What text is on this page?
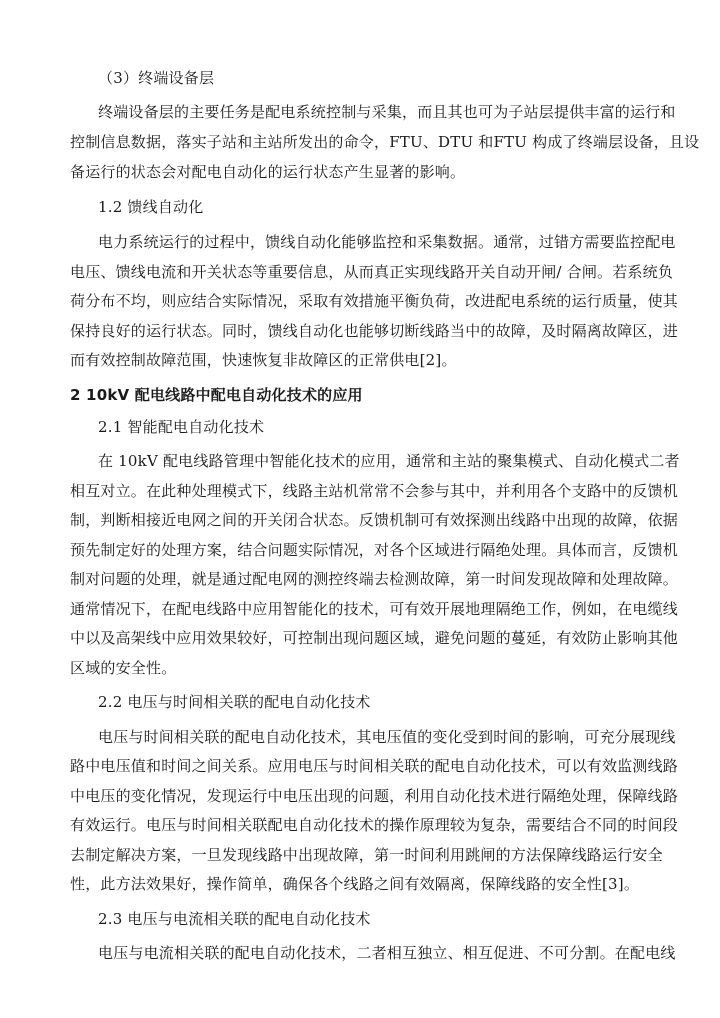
（3）终端设备层
终端设备层的主要任务是配电系统控制与采集，而且其也可为子站层提供丰富的运行和
控制信息数据，落实子站和主站所发出的命令，FTU、DTU 和FTU 构成了终端层设备，且设
备运行的状态会对配电自动化的运行状态产生显著的影响。
1.2 馈线自动化
电力系统运行的过程中，馈线自动化能够监控和采集数据。通常，过错方需要监控配电
电压、馈线电流和开关状态等重要信息，从而真正实现线路开关自动开闸/ 合闸。若系统负
荷分布不均，则应结合实际情况，采取有效措施平衡负荷，改进配电系统的运行质量，使其
保持良好的运行状态。同时，馈线自动化也能够切断线路当中的故障，及时隔离故障区，进
而有效控制故障范围，快速恢复非故障区的正常供电[2]。
2 10kV 配电线路中配电自动化技术的应用
2.1 智能配电自动化技术
在 10kV 配电线路管理中智能化技术的应用，通常和主站的聚集模式、自动化模式二者
相互对立。在此种处理模式下，线路主站机常常不会参与其中，并利用各个支路中的反馈机
制，判断相接近电网之间的开关闭合状态。反馈机制可有效探测出线路中出现的故障，依据
预先制定好的处理方案，结合问题实际情况，对各个区域进行隔绝处理。具体而言，反馈机
制对问题的处理，就是通过配电网的测控终端去检测故障，第一时间发现故障和处理故障。
通常情况下，在配电线路中应用智能化的技术，可有效开展地理隔绝工作，例如，在电缆线
中以及高架线中应用效果较好，可控制出现问题区域，避免问题的蔓延，有效防止影响其他
区域的安全性。
2.2 电压与时间相关联的配电自动化技术
电压与时间相关联的配电自动化技术，其电压值的变化受到时间的影响，可充分展现线
路中电压值和时间之间关系。应用电压与时间相关联的配电自动化技术，可以有效监测线路
中电压的变化情况，发现运行中电压出现的问题，利用自动化技术进行隔绝处理，保障线路
有效运行。电压与时间相关联配电自动化技术的操作原理较为复杂，需要结合不同的时间段
去制定解决方案，一旦发现线路中出现故障，第一时间利用跳闸的方法保障线路运行安全
性，此方法效果好，操作简单，确保各个线路之间有效隔离，保障线路的安全性[3]。
2.3 电压与电流相关联的配电自动化技术
电压与电流相关联的配电自动化技术，二者相互独立、相互促进、不可分割。在配电线
